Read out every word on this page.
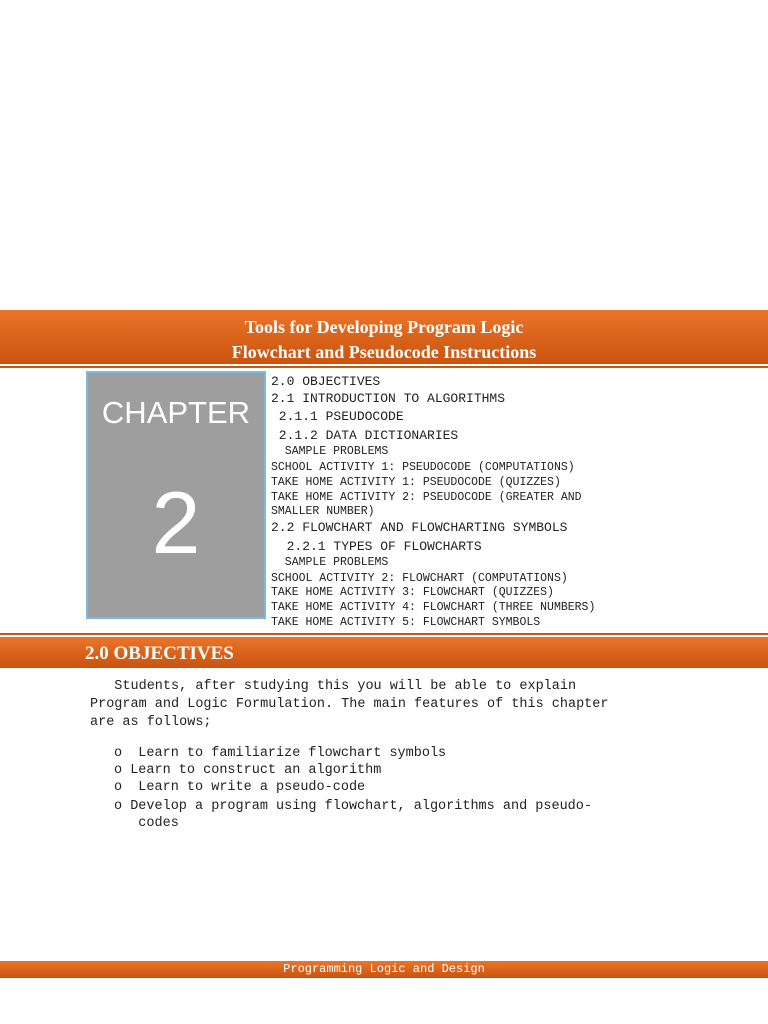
Tools for Developing Program Logic
Flowchart and Pseudocode Instructions
CHAPTER
2
2.0 OBJECTIVES
2.1 INTRODUCTION TO ALGORITHMS
2.1.1 PSEUDOCODE
2.1.2 DATA DICTIONARIES
SAMPLE PROBLEMS
SCHOOL ACTIVITY 1: PSEUDOCODE (COMPUTATIONS)
TAKE HOME ACTIVITY 1: PSEUDOCODE (QUIZZES)
TAKE HOME ACTIVITY 2: PSEUDOCODE (GREATER AND
SMALLER NUMBER)
2.2 FLOWCHART AND FLOWCHARTING SYMBOLS
2.2.1 TYPES OF FLOWCHARTS
SAMPLE PROBLEMS
SCHOOL ACTIVITY 2: FLOWCHART (COMPUTATIONS)
TAKE HOME ACTIVITY 3: FLOWCHART (QUIZZES)
TAKE HOME ACTIVITY 4: FLOWCHART (THREE NUMBERS)
TAKE HOME ACTIVITY 5: FLOWCHART SYMBOLS
2.0 OBJECTIVES
Students, after studying this you will be able to explain
Program and Logic Formulation. The main features of this chapter
are as follows;
o  Learn to familiarize flowchart symbols
o Learn to construct an algorithm
o  Learn to write a pseudo-code
o Develop a program using flowchart, algorithms and pseudo-
codes
Programming Logic and Design
